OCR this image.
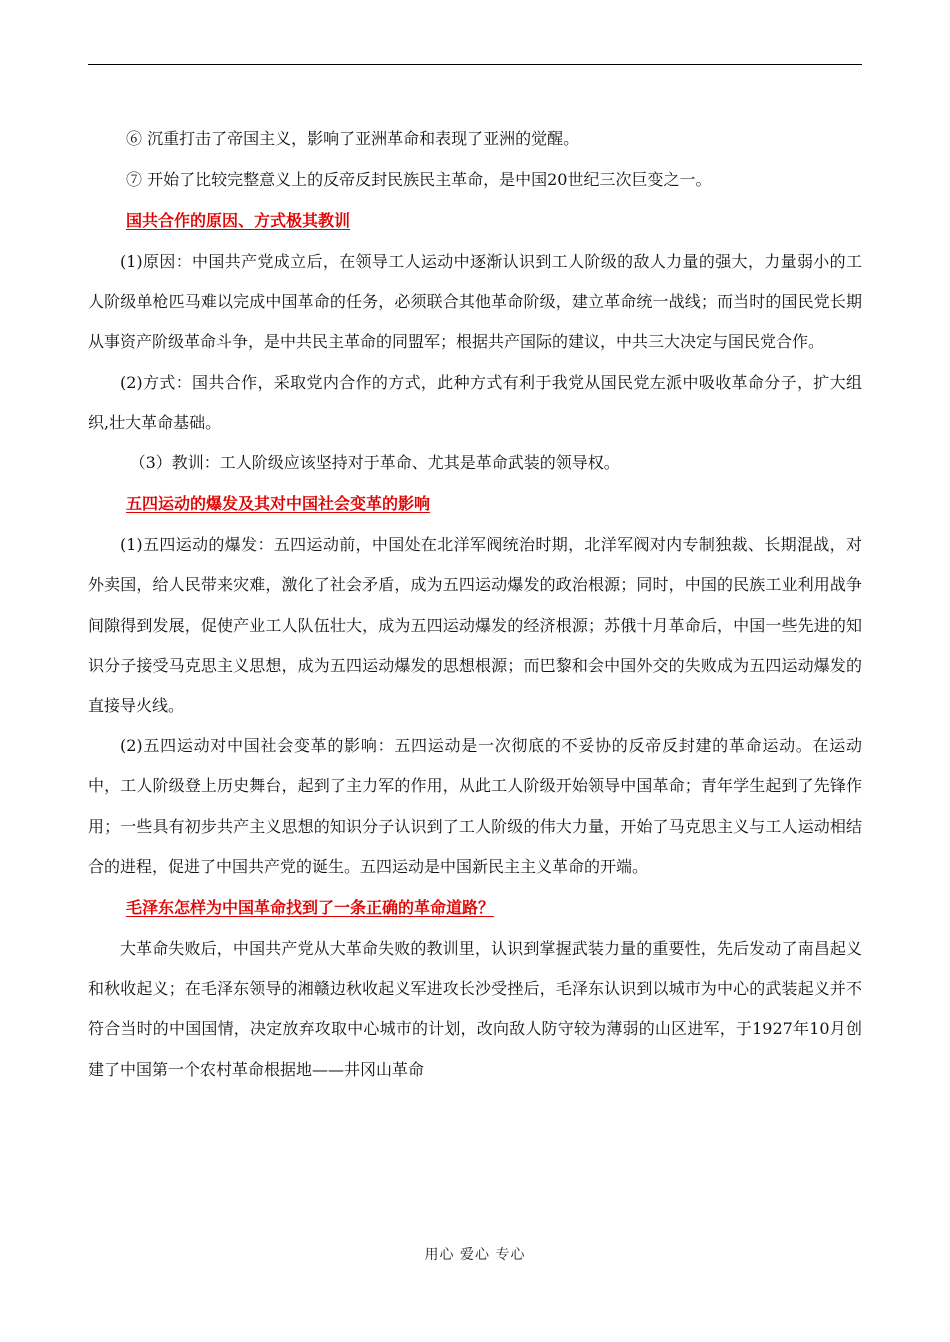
⑥ 沉重打击了帝国主义，影响了亚洲革命和表现了亚洲的觉醒。
⑦ 开始了比较完整意义上的反帝反封民族民主革命，是中国20世纪三次巨变之一。
国共合作的原因、方式极其教训
(1)原因：中国共产党成立后，在领导工人运动中逐渐认识到工人阶级的敌人力量的强大，力量弱小的工人阶级单枪匹马难以完成中国革命的任务，必须联合其他革命阶级，建立革命统一战线；而当时的国民党长期从事资产阶级革命斗争，是中共民主革命的同盟军；根据共产国际的建议，中共三大决定与国民党合作。
(2)方式：国共合作，采取党内合作的方式，此种方式有利于我党从国民党左派中吸收革命分子，扩大组织,壮大革命基础。
（3）教训：工人阶级应该坚持对于革命、尤其是革命武装的领导权。
五四运动的爆发及其对中国社会变革的影响
(1)五四运动的爆发：五四运动前，中国处在北洋军阀统治时期，北洋军阀对内专制独裁、长期混战，对外卖国，给人民带来灾难，激化了社会矛盾，成为五四运动爆发的政治根源；同时，中国的民族工业利用战争间隙得到发展，促使产业工人队伍壮大，成为五四运动爆发的经济根源；苏俄十月革命后，中国一些先进的知识分子接受马克思主义思想，成为五四运动爆发的思想根源；而巴黎和会中国外交的失败成为五四运动爆发的直接导火线。
(2)五四运动对中国社会变革的影响：五四运动是一次彻底的不妥协的反帝反封建的革命运动。在运动中，工人阶级登上历史舞台，起到了主力军的作用，从此工人阶级开始领导中国革命；青年学生起到了先锋作用；一些具有初步共产主义思想的知识分子认识到了工人阶级的伟大力量，开始了马克思主义与工人运动相结合的进程，促进了中国共产党的诞生。五四运动是中国新民主主义革命的开端。
毛泽东怎样为中国革命找到了一条正确的革命道路？
大革命失败后，中国共产党从大革命失败的教训里，认识到掌握武装力量的重要性，先后发动了南昌起义和秋收起义；在毛泽东领导的湘赣边秋收起义军进攻长沙受挫后，毛泽东认识到以城市为中心的武装起义并不符合当时的中国国情，决定放弃攻取中心城市的计划，改向敌人防守较为薄弱的山区进军，于1927年10月创建了中国第一个农村革命根据地——井冈山革命
用心 爱心 专心
